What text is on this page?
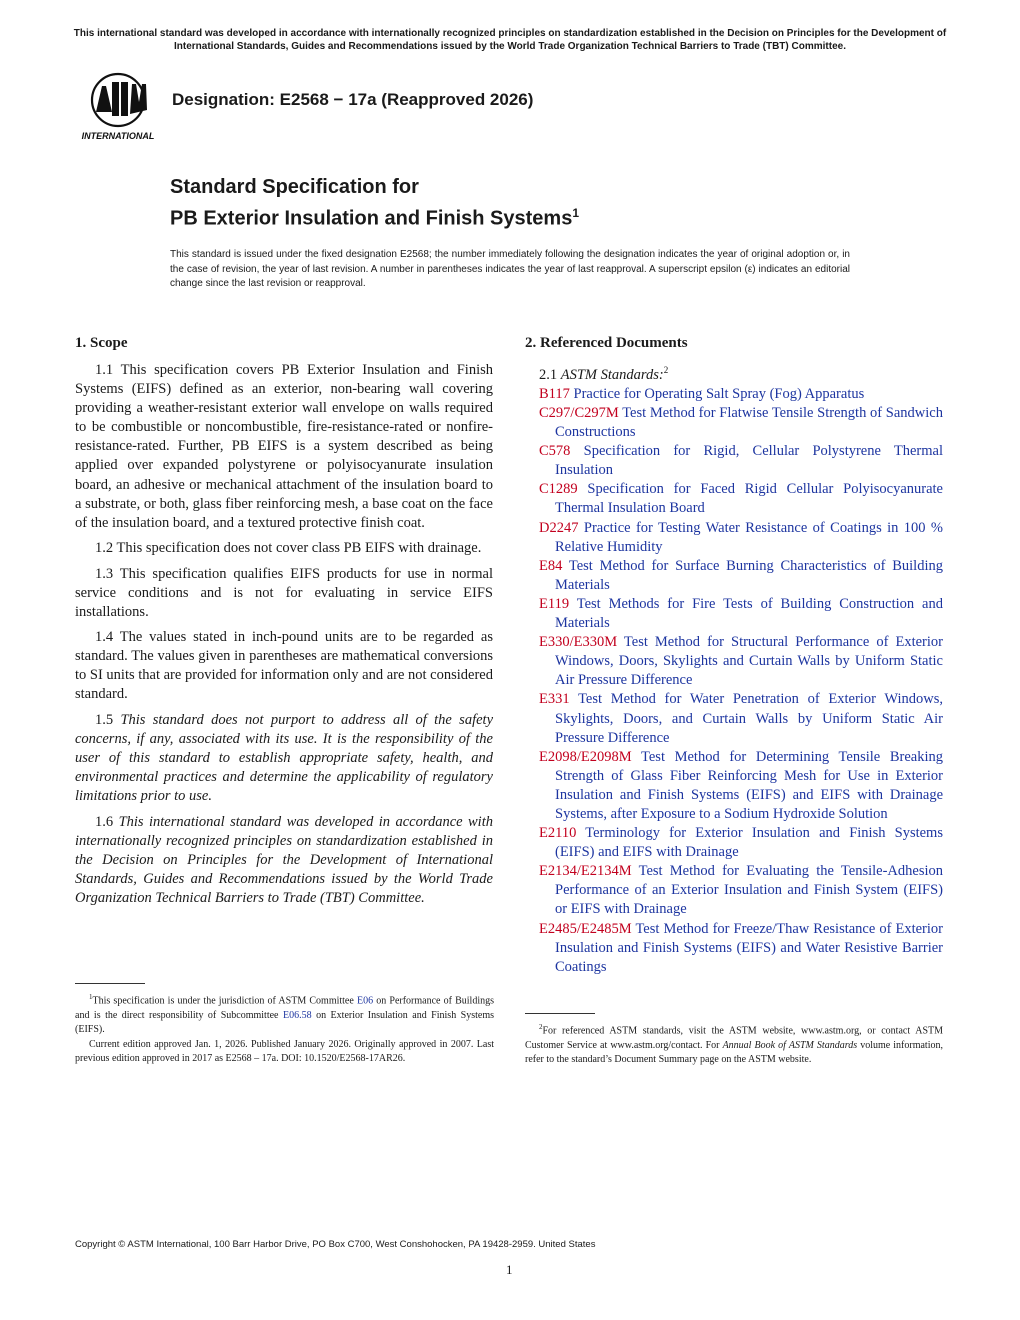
This international standard was developed in accordance with internationally recognized principles on standardization established in the Decision on Principles for the Development of International Standards, Guides and Recommendations issued by the World Trade Organization Technical Barriers to Trade (TBT) Committee.
INTERNATIONAL
Designation: E2568 − 17a (Reapproved 2026)
Standard Specification for
PB Exterior Insulation and Finish Systems$^1$
This standard is issued under the fixed designation E2568; the number immediately following the designation indicates the year of original adoption or, in the case of revision, the year of last revision. A number in parentheses indicates the year of last reapproval. A superscript epsilon (ε) indicates an editorial change since the last revision or reapproval.
1. Scope

1.1 This specification covers PB Exterior Insulation and Finish Systems (EIFS) defined as an exterior, non-bearing wall covering providing a weather-resistant exterior wall envelope on walls required to be combustible or noncombustible, fire-resistance-rated or nonfire-resistance-rated. Further, PB EIFS is a system described as being applied over expanded polystyrene or polyisocyanurate insulation board, an adhesive or mechanical attachment of the insulation board to a substrate, or both, glass fiber reinforcing mesh, a base coat on the face of the insulation board, and a textured protective finish coat.

1.2 This specification does not cover class PB EIFS with drainage.

1.3 This specification qualifies EIFS products for use in normal service conditions and is not for evaluating in service EIFS installations.

1.4 The values stated in inch-pound units are to be regarded as standard. The values given in parentheses are mathematical conversions to SI units that are provided for information only and are not considered standard.

1.5 This standard does not purport to address all of the safety concerns, if any, associated with its use. It is the responsibility of the user of this standard to establish appropriate safety, health, and environmental practices and determine the applicability of regulatory limitations prior to use.

1.6 This international standard was developed in accordance with internationally recognized principles on standardization established in the Decision on Principles for the Development of International Standards, Guides and Recommendations issued by the World Trade Organization Technical Barriers to Trade (TBT) Committee.

2. Referenced Documents
2.1 ASTM Standards:$^2$
B117 Practice for Operating Salt Spray (Fog) Apparatus
C297/C297M Test Method for Flatwise Tensile Strength of Sandwich Constructions
C578 Specification for Rigid, Cellular Polystyrene Thermal Insulation
C1289 Specification for Faced Rigid Cellular Polyisocyanurate Thermal Insulation Board
D2247 Practice for Testing Water Resistance of Coatings in 100 % Relative Humidity
E84 Test Method for Surface Burning Characteristics of Building Materials
E119 Test Methods for Fire Tests of Building Construction and Materials
E330/E330M Test Method for Structural Performance of Exterior Windows, Doors, Skylights and Curtain Walls by Uniform Static Air Pressure Difference
E331 Test Method for Water Penetration of Exterior Windows, Skylights, Doors, and Curtain Walls by Uniform Static Air Pressure Difference
E2098/E2098M Test Method for Determining Tensile Breaking Strength of Glass Fiber Reinforcing Mesh for Use in Exterior Insulation and Finish Systems (EIFS) and EIFS with Drainage Systems, after Exposure to a Sodium Hydroxide Solution
E2110 Terminology for Exterior Insulation and Finish Systems (EIFS) and EIFS with Drainage
E2134/E2134M Test Method for Evaluating the Tensile-Adhesion Performance of an Exterior Insulation and Finish System (EIFS) or EIFS with Drainage
E2485/E2485M Test Method for Freeze/Thaw Resistance of Exterior Insulation and Finish Systems (EIFS) and Water Resistive Barrier Coatings

$^1$This specification is under the jurisdiction of ASTM Committee E06 on Performance of Buildings and is the direct responsibility of Subcommittee E06.58 on Exterior Insulation and Finish Systems (EIFS).

Current edition approved Jan. 1, 2026. Published January 2026. Originally approved in 2007. Last previous edition approved in 2017 as E2568 – 17a. DOI: 10.1520/E2568-17AR26.

$^2$For referenced ASTM standards, visit the ASTM website, www.astm.org, or contact ASTM Customer Service at www.astm.org/contact. For Annual Book of ASTM Standards volume information, refer to the standard’s Document Summary page on the ASTM website.

Copyright © ASTM International, 100 Barr Harbor Drive, PO Box C700, West Conshohocken, PA 19428-2959. United States
1
